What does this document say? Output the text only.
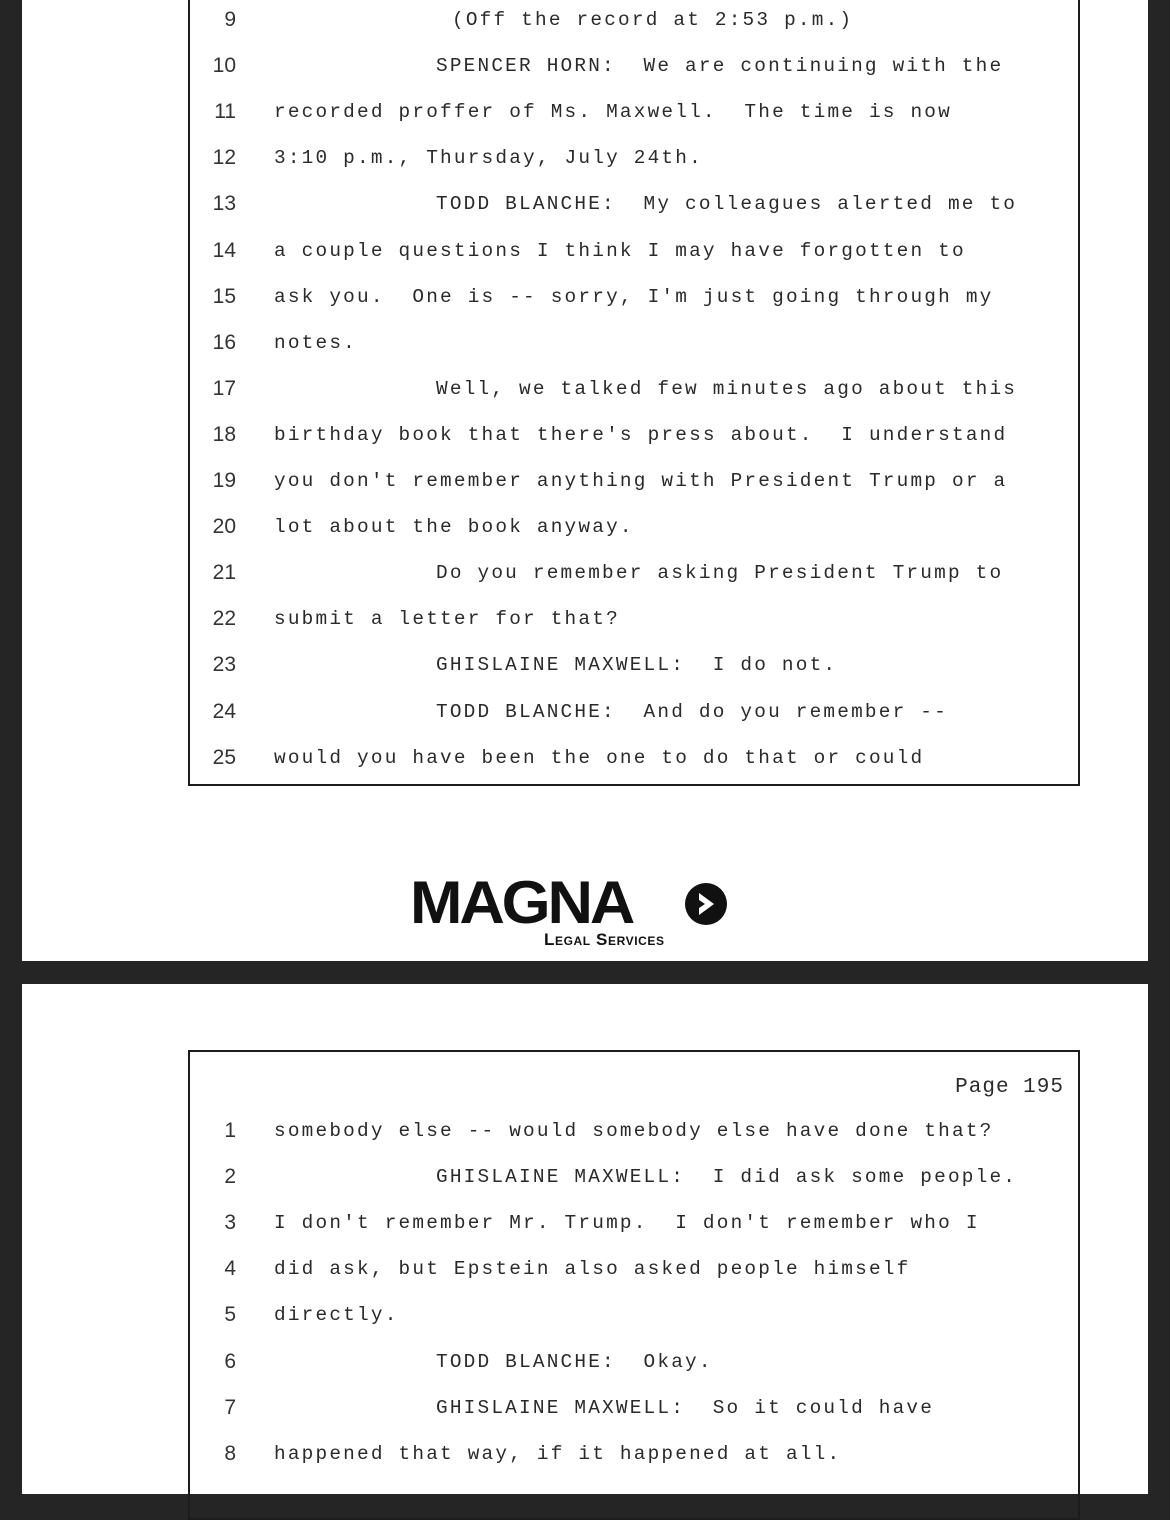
9	(Off the record at 2:53 p.m.)
10	SPENCER HORN:  We are continuing with the
11 recorded proffer of Ms. Maxwell.  The time is now
12 3:10 p.m., Thursday, July 24th.
13	TODD BLANCHE:  My colleagues alerted me to
14 a couple questions I think I may have forgotten to
15 ask you.  One is -- sorry, I'm just going through my
16 notes.
17	Well, we talked few minutes ago about this
18 birthday book that there's press about.  I understand
19 you don't remember anything with President Trump or a
20 lot about the book anyway.
21	Do you remember asking President Trump to
22 submit a letter for that?
23	GHISLAINE MAXWELL:  I do not.
24	TODD BLANCHE:  And do you remember --
25 would you have been the one to do that or could
Page 195
1 somebody else -- would somebody else have done that?
2	GHISLAINE MAXWELL:  I did ask some people.
3 I don't remember Mr. Trump.  I don't remember who I
4 did ask, but Epstein also asked people himself
5 directly.
6	TODD BLANCHE:  Okay.
7	GHISLAINE MAXWELL:  So it could have
8 happened that way, if it happened at all.
MAGNA
Legal Services
